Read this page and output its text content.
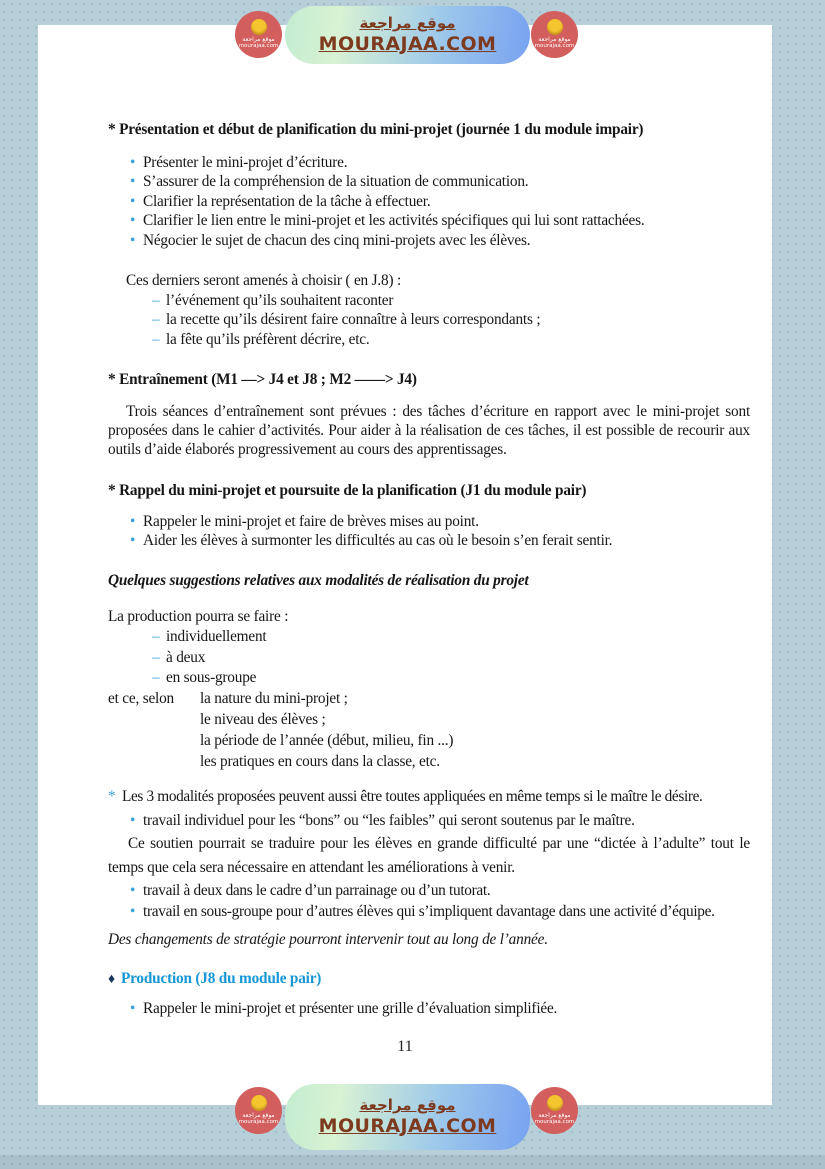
* Présentation et début de planification du mini-projet (journée 1 du module impair)
• Présenter le mini-projet d’écriture.
• S’assurer de la compréhension de la situation de communication.
• Clarifier la représentation de la tâche à effectuer.
• Clarifier le lien entre le mini-projet et les activités spécifiques qui lui sont rattachées.
• Négocier le sujet de chacun des cinq mini-projets avec les élèves.
Ces derniers seront amenés à choisir ( en J.8) :
– l’événement qu’ils souhaitent raconter
– la recette qu’ils désirent faire connaître à leurs correspondants ;
– la fête qu’ils préfèrent décrire, etc.
* Entraînement (M1 —> J4 et J8 ; M2 ——> J4)
Trois séances d’entraînement sont prévues : des tâches d’écriture en rapport avec le mini-projet sont proposées dans le cahier d’activités. Pour aider à la réalisation de ces tâches, il est possible de recourir aux outils d’aide élaborés progressivement au cours des apprentissages.
* Rappel du mini-projet et poursuite de la planification (J1 du module pair)
• Rappeler le mini-projet et faire de brèves mises au point.
• Aider les élèves à surmonter les difficultés au cas où le besoin s’en ferait sentir.
Quelques suggestions relatives aux modalités de réalisation du projet
La production pourra se faire :
– individuellement
– à deux
– en sous-groupe
et ce, selon	la nature du mini-projet ;
le niveau des élèves ;
la période de l’année (début, milieu, fin ...)
les pratiques en cours dans la classe, etc.
* Les 3 modalités proposées peuvent aussi être toutes appliquées en même temps si le maître le désire.
• travail individuel pour les “bons” ou “les faibles” qui seront soutenus par le maître.
Ce soutien pourrait se traduire pour les élèves en grande difficulté par une “dictée à l’adulte” tout le temps que cela sera nécessaire en attendant les améliorations à venir.
• travail à deux dans le cadre d’un parrainage ou d’un tutorat.
• travail en sous-groupe pour d’autres élèves qui s’impliquent davantage dans une activité d’équipe.
Des changements de stratégie pourront intervenir tout au long de l’année.
♦ Production (J8 du module pair)
• Rappeler le mini-projet et présenter une grille d’évaluation simplifiée.
11
موقع مراجعة
mourajaa.com
موقع مراجعة
MOURAJAA.COM	موقع مراجعة
mourajaa.com
موقع مراجعة
mourajaa.com
موقع مراجعة
MOURAJAA.COM	موقع مراجعة
mourajaa.com
